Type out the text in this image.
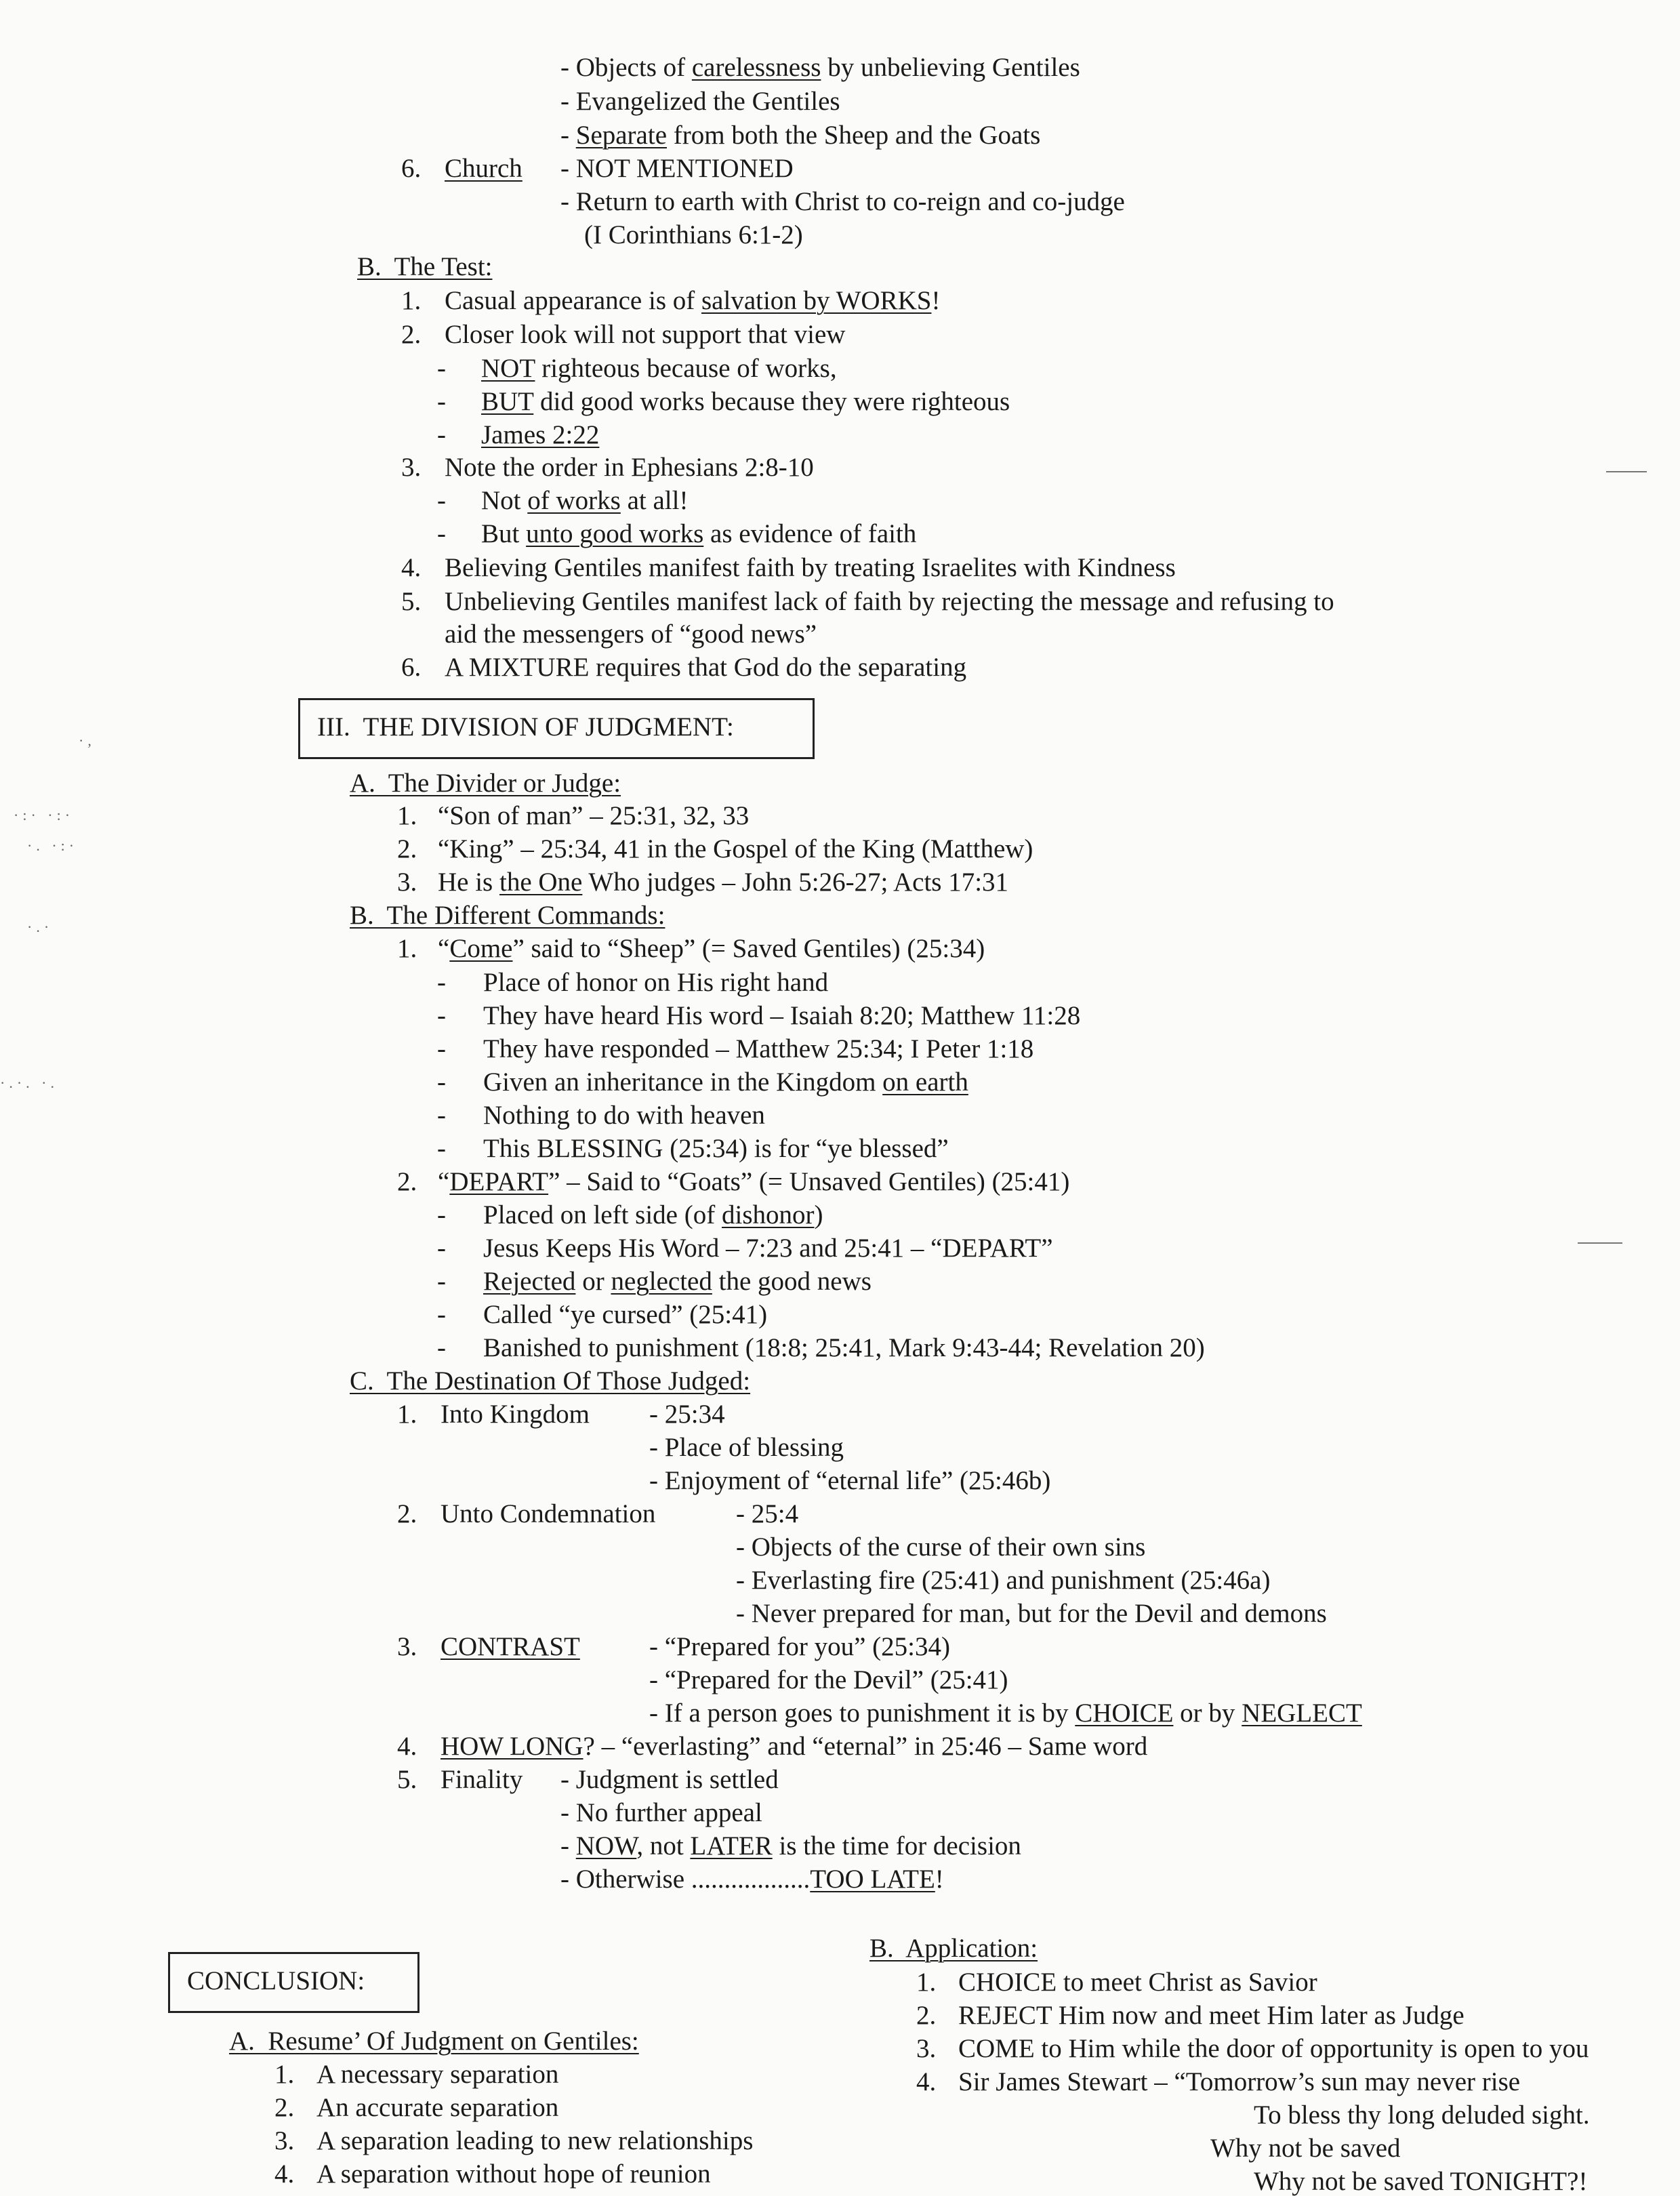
- Objects of carelessness by unbelieving Gentiles
- Evangelized the Gentiles
- Separate from both the Sheep and the Goats
6. Church - NOT MENTIONED
- Return to earth with Christ to co-reign and co-judge
(I Corinthians 6:1-2)
B.  The Test:
1. Casual appearance is of salvation by WORKS!
2. Closer look will not support that view
- NOT righteous because of works,
- BUT did good works because they were righteous
- James 2:22
3. Note the order in Ephesians 2:8-10
- Not of works at all!
- But unto good works as evidence of faith
4. Believing Gentiles manifest faith by treating Israelites with Kindness
5. Unbelieving Gentiles manifest lack of faith by rejecting the message and refusing to
aid the messengers of “good news”
6. A MIXTURE requires that God do the separating
III.  THE DIVISION OF JUDGMENT:
A.  The Divider or Judge:
1. “Son of man” – 25:31, 32, 33
2. “King” – 25:34, 41 in the Gospel of the King (Matthew)
3. He is the One Who judges – John 5:26-27; Acts 17:31
B.  The Different Commands:
1. “Come” said to “Sheep” (= Saved Gentiles) (25:34)
- Place of honor on His right hand
- They have heard His word – Isaiah 8:20; Matthew 11:28
- They have responded – Matthew 25:34; I Peter 1:18
- Given an inheritance in the Kingdom on earth
- Nothing to do with heaven
- This BLESSING (25:34) is for “ye blessed”
2. “DEPART” – Said to “Goats” (= Unsaved Gentiles) (25:41)
- Placed on left side (of dishonor)
- Jesus Keeps His Word – 7:23 and 25:41 – “DEPART”
- Rejected or neglected the good news
- Called “ye cursed” (25:41)
- Banished to punishment (18:8; 25:41, Mark 9:43-44; Revelation 20)
C.  The Destination Of Those Judged:
1. Into Kingdom - 25:34
- Place of blessing
- Enjoyment of “eternal life” (25:46b)
2. Unto Condemnation	- 25:4
- Objects of the curse of their own sins
- Everlasting fire (25:41) and punishment (25:46a)
- Never prepared for man, but for the Devil and demons
3. CONTRAST	- “Prepared for you” (25:34)
- “Prepared for the Devil” (25:41)
- If a person goes to punishment it is by CHOICE or by NEGLECT
4. HOW LONG? – “everlasting” and “eternal” in 25:46 – Same word
5. Finality - Judgment is settled
- No further appeal
- NOW, not LATER is the time for decision
- Otherwise ..................TOO LATE!
CONCLUSION:
A.  Resume’ Of Judgment on Gentiles:
1. A necessary separation
2. An accurate separation
3. A separation leading to new relationships
4. A separation without hope of reunion
B.  Application:
1. CHOICE to meet Christ as Savior
2. REJECT Him now and meet Him later as Judge
3. COME to Him while the door of opportunity is open to you
4. Sir James Stewart – “Tomorrow’s sun may never rise
To bless thy long deluded sight.
Why not be saved
Why not be saved TONIGHT?!
·,
·:· ·:·
·. ·:·
·.·
·.·. ·.
